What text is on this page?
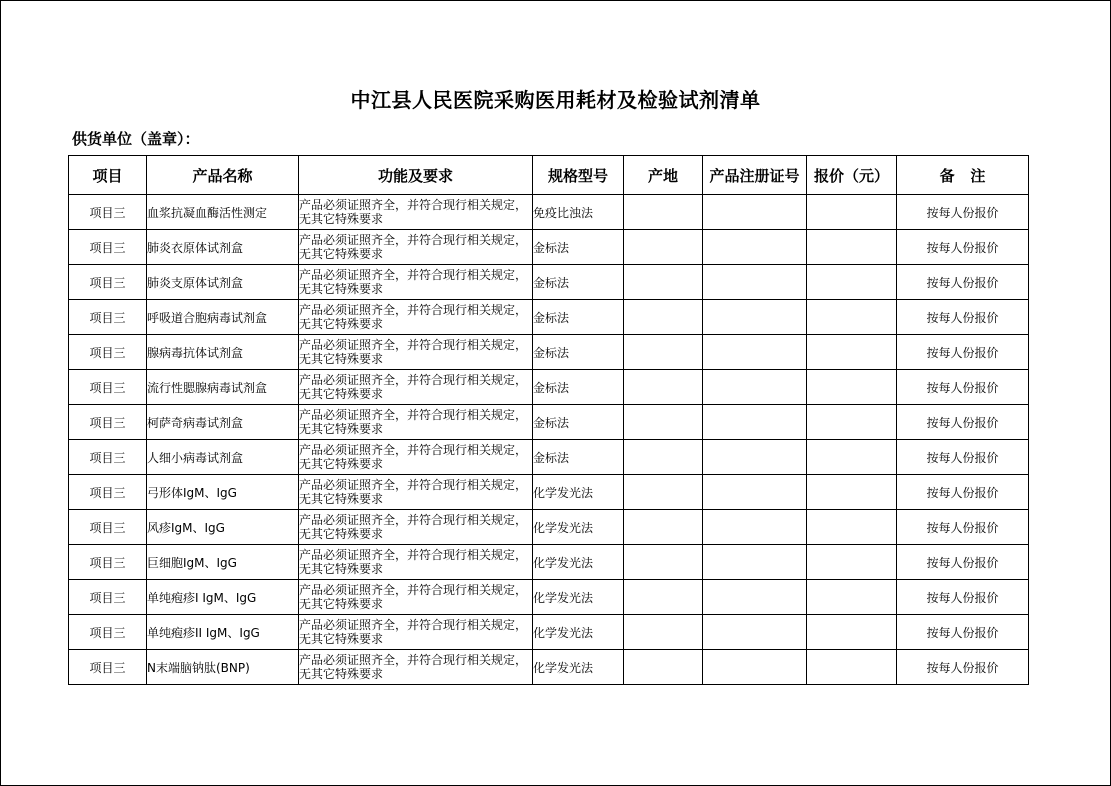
中江县人民医院采购医用耗材及检验试剂清单
供货单位（盖章）：
项目	产品名称	功能及要求	规格型号	产地	产品注册证号	报价（元）	备   注
项目三	血浆抗凝血酶活性测定	产品必须证照齐全，并符合现行相关规定，无其它特殊要求	免疫比浊法				按每人份报价
项目三	肺炎衣原体试剂盒	产品必须证照齐全，并符合现行相关规定，无其它特殊要求	金标法				按每人份报价
项目三	肺炎支原体试剂盒	产品必须证照齐全，并符合现行相关规定，无其它特殊要求	金标法				按每人份报价
项目三	呼吸道合胞病毒试剂盒	产品必须证照齐全，并符合现行相关规定，无其它特殊要求	金标法				按每人份报价
项目三	腺病毒抗体试剂盒	产品必须证照齐全，并符合现行相关规定，无其它特殊要求	金标法				按每人份报价
项目三	流行性腮腺病毒试剂盒	产品必须证照齐全，并符合现行相关规定，无其它特殊要求	金标法				按每人份报价
项目三	柯萨奇病毒试剂盒	产品必须证照齐全，并符合现行相关规定，无其它特殊要求	金标法				按每人份报价
项目三	人细小病毒试剂盒	产品必须证照齐全，并符合现行相关规定，无其它特殊要求	金标法				按每人份报价
项目三	弓形体IgM、IgG	产品必须证照齐全，并符合现行相关规定，无其它特殊要求	化学发光法				按每人份报价
项目三	风疹IgM、IgG	产品必须证照齐全，并符合现行相关规定，无其它特殊要求	化学发光法				按每人份报价
项目三	巨细胞IgM、IgG	产品必须证照齐全，并符合现行相关规定，无其它特殊要求	化学发光法				按每人份报价
项目三	单纯疱疹I IgM、IgG	产品必须证照齐全，并符合现行相关规定，无其它特殊要求	化学发光法				按每人份报价
项目三	单纯疱疹II IgM、IgG	产品必须证照齐全，并符合现行相关规定，无其它特殊要求	化学发光法				按每人份报价
项目三	N末端脑钠肽(BNP)	产品必须证照齐全，并符合现行相关规定，无其它特殊要求	化学发光法				按每人份报价
